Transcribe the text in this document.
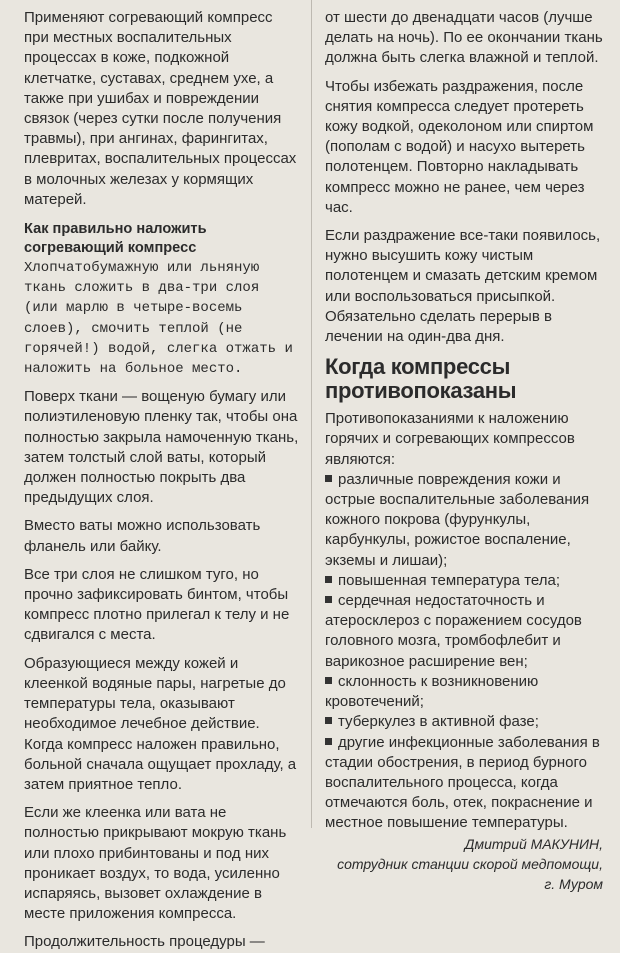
Применяют согревающий компресс при местных воспалительных процессах в коже, подкожной клетчатке, суставах, среднем ухе, а также при ушибах и повреждении связок (через сутки после получения травмы), при ангинах, фарингитах, плевритах, воспалительных процессах в молочных железах у кормящих матерей.

Как правильно наложить согревающий компресс

Хлопчатобумажную или льняную ткань сложить в два-три слоя (или марлю в четыре-восемь слоев), смочить теплой (не горячей!) водой, слегка отжать и наложить на больное место.

Поверх ткани — вощеную бумагу или полиэтиленовую пленку так, чтобы она полностью закрыла намоченную ткань, затем толстый слой ваты, который должен полностью покрыть два предыдущих слоя.

Вместо ваты можно использовать фланель или байку.

Все три слоя не слишком туго, но прочно зафиксировать бинтом, чтобы компресс плотно прилегал к телу и не сдвигался с места.

Образующиеся между кожей и клеенкой водяные пары, нагретые до температуры тела, оказывают необходимое лечебное действие. Когда компресс наложен правильно, больной сначала ощущает прохладу, а затем приятное тепло.

Если же клеенка или вата не полностью прикрывают мокрую ткань или плохо прибинтованы и под них проникает воздух, то вода, усиленно испаряясь, вызовет охлаждение в месте приложения компресса.

Продолжительность процедуры —

от шести до двенадцати часов (лучше делать на ночь). По ее окончании ткань должна быть слегка влажной и теплой.

Чтобы избежать раздражения, после снятия компресса следует протереть кожу водкой, одеколоном или спиртом (пополам с водой) и насухо вытереть полотенцем. Повторно накладывать компресс можно не ранее, чем через час.

Если раздражение все-таки появилось, нужно высушить кожу чистым полотенцем и смазать детским кремом или воспользоваться присыпкой. Обязательно сделать перерыв в лечении на один-два дня.

Когда компрессы противопоказаны

Противопоказаниями к наложению горячих и согревающих компрессов являются:

различные повреждения кожи и острые воспалительные заболевания кожного покрова (фурункулы, карбункулы, рожистое воспаление, экземы и лишаи);
повышенная температура тела;
сердечная недостаточность и атеросклероз с поражением сосудов головного мозга, тромбофлебит и варикозное расширение вен;
склонность к возникновению кровотечений;
туберкулез в активной фазе;
другие инфекционные заболевания в стадии обострения, в период бурного воспалительного процесса, когда отмечаются боль, отек, покраснение и местное повышение температуры.
Дмитрий МАКУНИН,
сотрудник станции скорой медпомощи,
г. Муром
